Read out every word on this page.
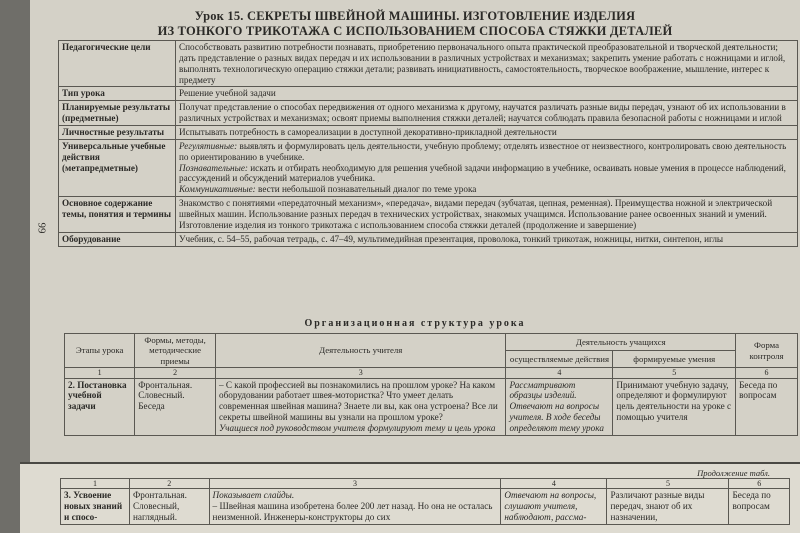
Урок 15. СЕКРЕТЫ ШВЕЙНОЙ МАШИНЫ. ИЗГОТОВЛЕНИЕ ИЗДЕЛИЯ
ИЗ ТОНКОГО ТРИКОТАЖА С ИСПОЛЬЗОВАНИЕМ СПОСОБА СТЯЖКИ ДЕТАЛЕЙ
99
Педагогические цели	Способствовать развитию потребности познавать, приобретению первоначального опыта практической преобразовательной и творческой деятельности; дать представление о разных видах передач и их использовании в различных устройствах и механизмах; закрепить умение работать с ножницами и иглой, выполнять технологическую операцию стяжки детали; развивать инициативность, самостоятельность, творческое воображение, мышление, интерес к предмету
Тип урока	Решение учебной задачи
Планируемые результаты (предметные)	Получат представление о способах передвижения от одного механизма к другому, научатся различать разные виды передач, узнают об их использовании в различных устройствах и механизмах; освоят приемы выполнения стяжки деталей; научатся соблюдать правила безопасной работы с ножницами и иглой
Личностные результаты	Испытывать потребность в самореализации в доступной декоративно-прикладной деятельности
Универсальные учебные действия (метапредметные)	Регулятивные: выявлять и формулировать цель деятельности, учебную проблему; отделять известное от неизвестного, контролировать свою деятельность по ориентированию в учебнике.
Познавательные: искать и отбирать необходимую для решения учебной задачи информацию в учебнике, осваивать новые умения в процессе наблюдений, рассуждений и обсуждений материалов учебника.
Коммуникативные: вести небольшой познавательный диалог по теме урока
Основное содержание темы, понятия и термины	Знакомство с понятиями «передаточный механизм», «передача», видами передач (зубчатая, цепная, ременная). Преимущества ножной и электрической швейных машин. Использование разных передач в технических устройствах, знакомых учащимся. Использование ранее освоенных знаний и умений. Изготовление изделия из тонкого трикотажа с использованием способа стяжки деталей (продолжение и завершение)
Оборудование	Учебник, с. 54–55, рабочая тетрадь, с. 47–49, мультимедийная презентация, проволока, тонкий трикотаж, ножницы, нитки, синтепон, иглы
Организационная структура урока
Этапы урока	Формы, методы, методические приемы	Деятельность учителя	Деятельность учащихся		Форма контроля
			осуществляемые действия	формируемые умения	
1	2	3	4	5	6
2. Постановка учебной задачи	Фронтальная. Словесный. Беседа	– С какой профессией вы познакомились на прошлом уроке? На каком оборудовании работает швея-мотористка? Что умеет делать современная швейная машина? Знаете ли вы, как она устроена? Все ли секреты швейной машины вы узнали на прошлом уроке?
Учащиеся под руководством учителя формулируют тему и цель урока	Рассматривают образцы изделий. Отвечают на вопросы учителя. В ходе беседы определяют тему урока	Принимают учебную задачу, определяют и формулируют цель деятельности на уроке с помощью учителя	Беседа по вопросам
Продолжение табл.
1	2	3	4	5	6
3. Усвоение новых знаний и спосо-	Фронтальная. Словесный, наглядный.	Показывает слайды.
– Швейная машина изобретена более 200 лет назад. Но она не осталась неизменной. Инженеры-конструкторы до сих	Отвечают на вопросы, слушают учителя, наблюдают, рассма-	Различают разные виды передач, знают об их назначении,	Беседа по вопросам
